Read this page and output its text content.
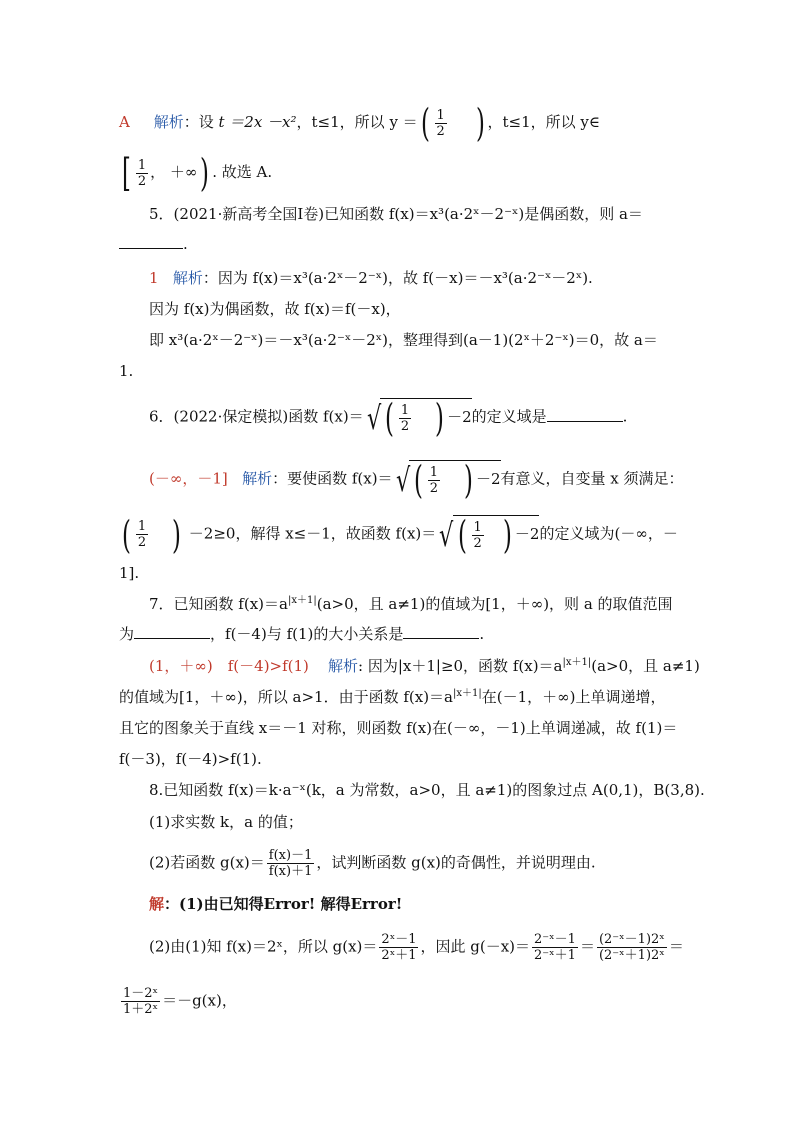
A 解析：设 t ＝2x －x²，t≤1，所以 y ＝( $\frac{1}{2}$ ) ，t≤1，所以 y∈
[ $\frac{1}{2}$ ， ＋∞) . 故选 A.
5．(2021·新高考全国Ⅰ卷)已知函数 f(x)＝x³(a·2ˣ－2⁻ˣ)是偶函数，则 a＝
.
1 解析：因为 f(x)＝x³(a·2ˣ－2⁻ˣ)，故 f(－x)＝－x³(a·2⁻ˣ－2ˣ).
因为 f(x)为偶函数，故 f(x)＝f(－x)，
即 x³(a·2ˣ－2⁻ˣ)＝－x³(a·2⁻ˣ－2ˣ)，整理得到(a－1)(2ˣ＋2⁻ˣ)＝0，故 a＝
1.
6．(2022·保定模拟)函数 f(x)＝√ ( $\frac{1}{2}$ ) －2的定义域是	.
(－∞，－1] 解析：要使函数 f(x)＝√ ( $\frac{1}{2}$ ) －2有意义，自变量 x 须满足：
( $\frac{1}{2}$ ) －2≥0，解得 x≤－1，故函数 f(x)＝√ ( $\frac{1}{2}$ ) －2的定义域为(－∞，－
1].
7．已知函数 $f(x)=a^{|x+1|}(a>0$，且 a≠1)的值域为[1，＋∞)，则 a 的取值范围
为	，f(－4)与 f(1)的大小关系是	.
(1，＋∞)　f(－4)>f(1) 解析: 因为|x＋1|≥0，函数 $f(x)=a^{|x+1|}(a>0$，且 a≠1)
的值域为[1，＋∞)，所以 a>1．由于函数 $f(x)=a^{|x+1|}$在(－1，＋∞)上单调递增，
且它的图象关于直线 x＝－1 对称，则函数 f(x)在(－∞，－1)上单调递减，故 f(1)＝
f(－3)，f(－4)>f(1).
8.已知函数 f(x)＝k·a⁻ˣ(k，a 为常数，a>0，且 a≠1)的图象过点 A(0,1)，B(3,8).
(1)求实数 k，a 的值；
(2)若函数 $g(x)= \frac{f(x)-1}{f(x)+1}$ ，试判断函数 g(x)的奇偶性，并说明理由.
解：(1)由已知得Error! 解得Error!
(2)由(1)知 f(x)＝2ˣ，所以 $g(x)= \frac{\text{2ˣ－1}}{\text{2ˣ＋1}}$ ，因此 $g(-x)= \frac{\text{2⁻ˣ－1}}{\text{2⁻ˣ＋1}} = \frac{\text{(2⁻ˣ－1)2ˣ}}{\text{(2⁻ˣ＋1)2ˣ}}$ ＝
$\frac{\text{1－2ˣ}}{\text{1＋2ˣ}} =-g(x)$，
